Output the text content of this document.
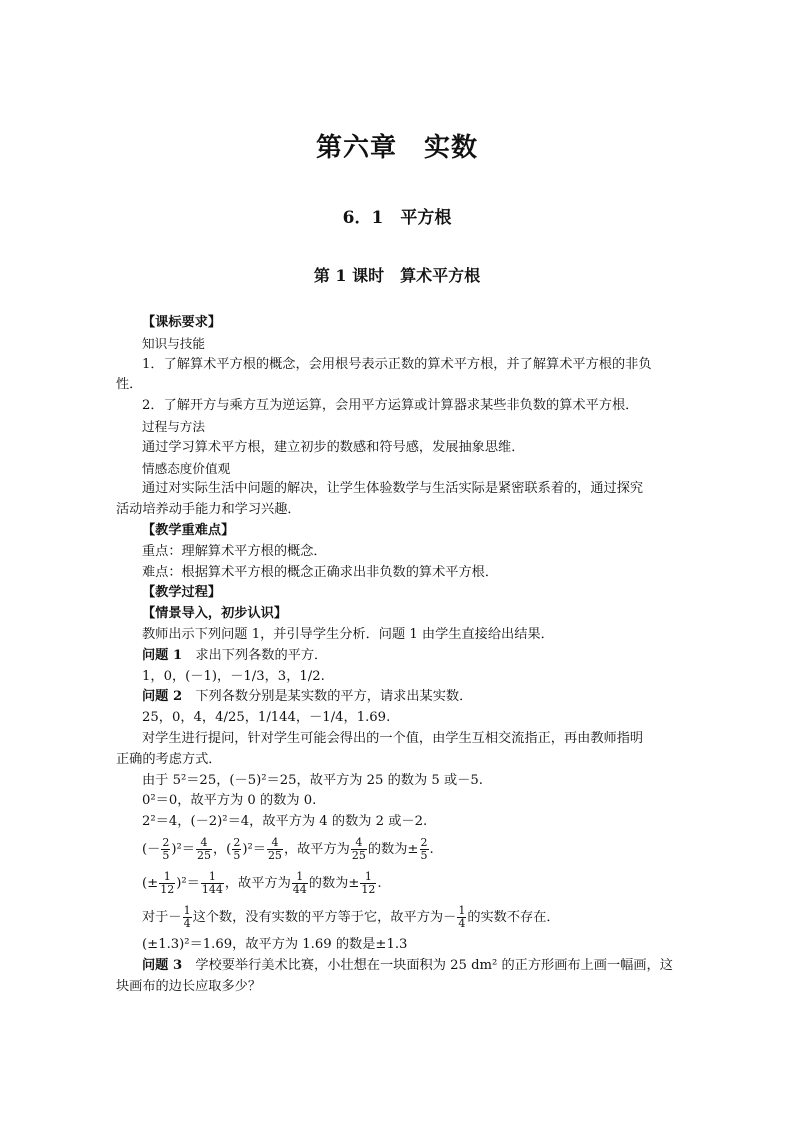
第六章　实数
6．1　平方根
第 1 课时　算术平方根
【课标要求】
知识与技能
1．了解算术平方根的概念，会用根号表示正数的算术平方根，并了解算术平方根的非负
性．
2．了解开方与乘方互为逆运算，会用平方运算或计算器求某些非负数的算术平方根．
过程与方法
通过学习算术平方根，建立初步的数感和符号感，发展抽象思维．
情感态度价值观
通过对实际生活中问题的解决，让学生体验数学与生活实际是紧密联系着的，通过探究
活动培养动手能力和学习兴趣．
【教学重难点】
重点：理解算术平方根的概念．
难点：根据算术平方根的概念正确求出非负数的算术平方根．
【教学过程】
【情景导入，初步认识】
教师出示下列问题 1，并引导学生分析．问题 1 由学生直接给出结果．
问题 1　求出下列各数的平方．
1，0，(－1)，－1/3，3，1/2.
问题 2　下列各数分别是某实数的平方，请求出某实数．
25，0，4，4/25，1/144，－1/4，1.69.
对学生进行提问，针对学生可能会得出的一个值，由学生互相交流指正，再由教师指明
正确的考虑方式．
由于 5²＝25，(－5)²＝25，故平方为 25 的数为 5 或－5.
0²＝0，故平方为 0 的数为 0.
2²＝4，(－2)²＝4，故平方为 4 的数为 2 或－2.
(－ $\frac{2}{5} )^2= \frac{4}{25}$ ，( $\frac{2}{5} )^2= \frac{4}{25}$ ，故平方为 $\frac{4}{25}$ 的数为± $\frac{2}{5}$ .
(± $\frac{1}{12} )^2= \frac{1}{144}$ ，故平方为 $\frac{1}{44}$ 的数为± $\frac{1}{12}$ .
对于－ $\frac{1}{4}$ 这个数，没有实数的平方等于它，故平方为－ $\frac{1}{4}$ 的实数不存在．
(±1.3)²＝1.69，故平方为 1.69 的数是±1.3
问题 3　学校要举行美术比赛，小壮想在一块面积为 25 dm² 的正方形画布上画一幅画，这
块画布的边长应取多少？
